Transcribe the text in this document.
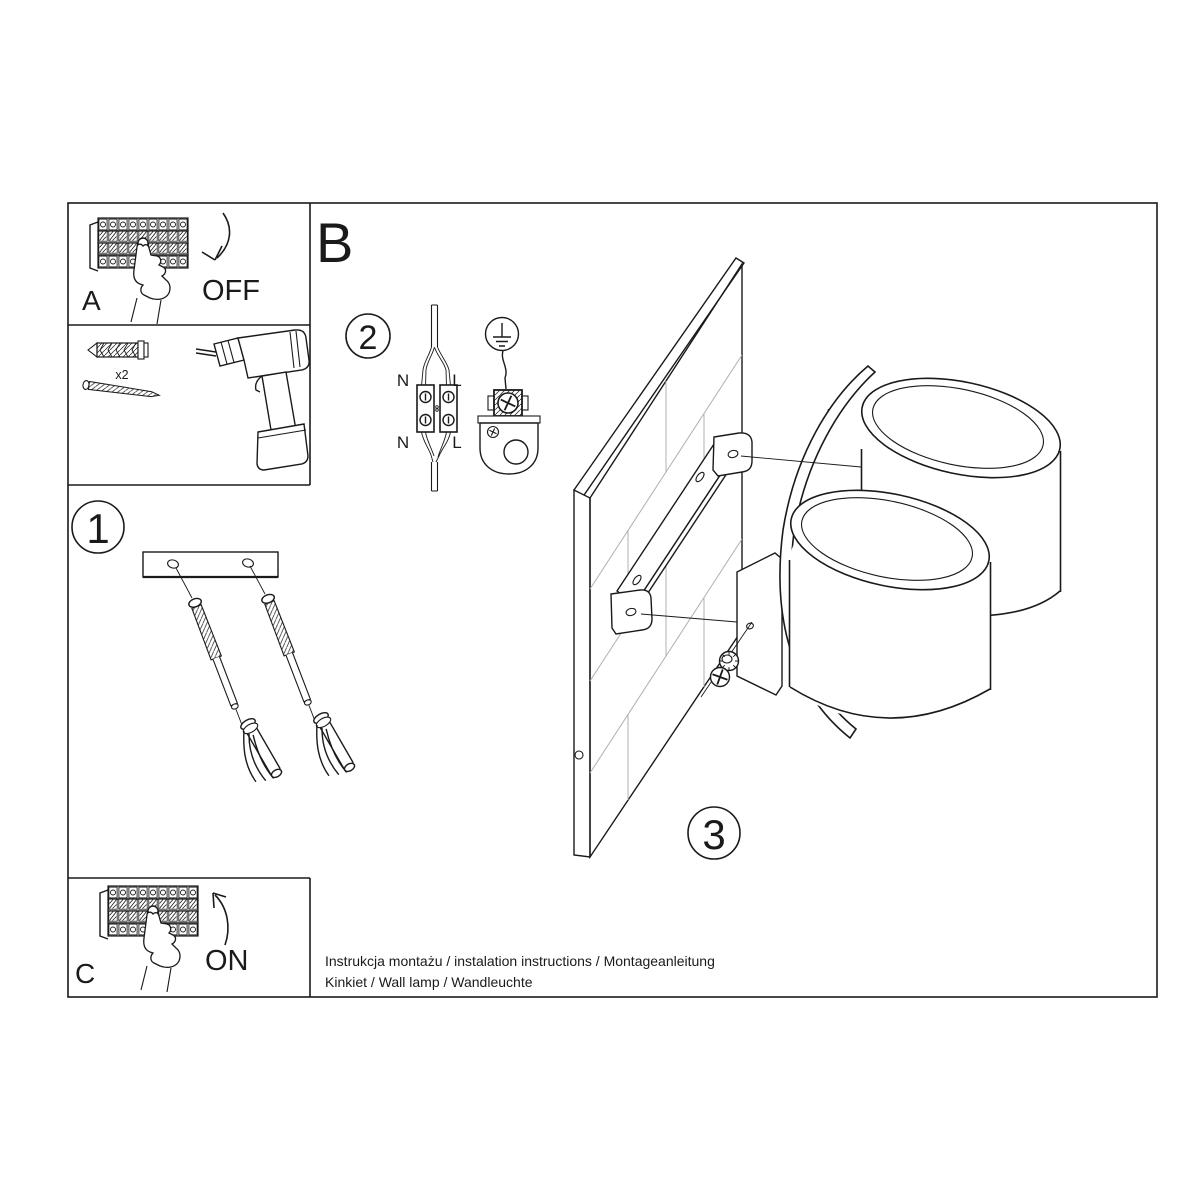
A	OFF
x2
B
1
2
N	L
N	L
3
C	ON	Instrukcja montażu / instalation instructions / Montageanleitung
Kinkiet / Wall lamp / Wandleuchte
